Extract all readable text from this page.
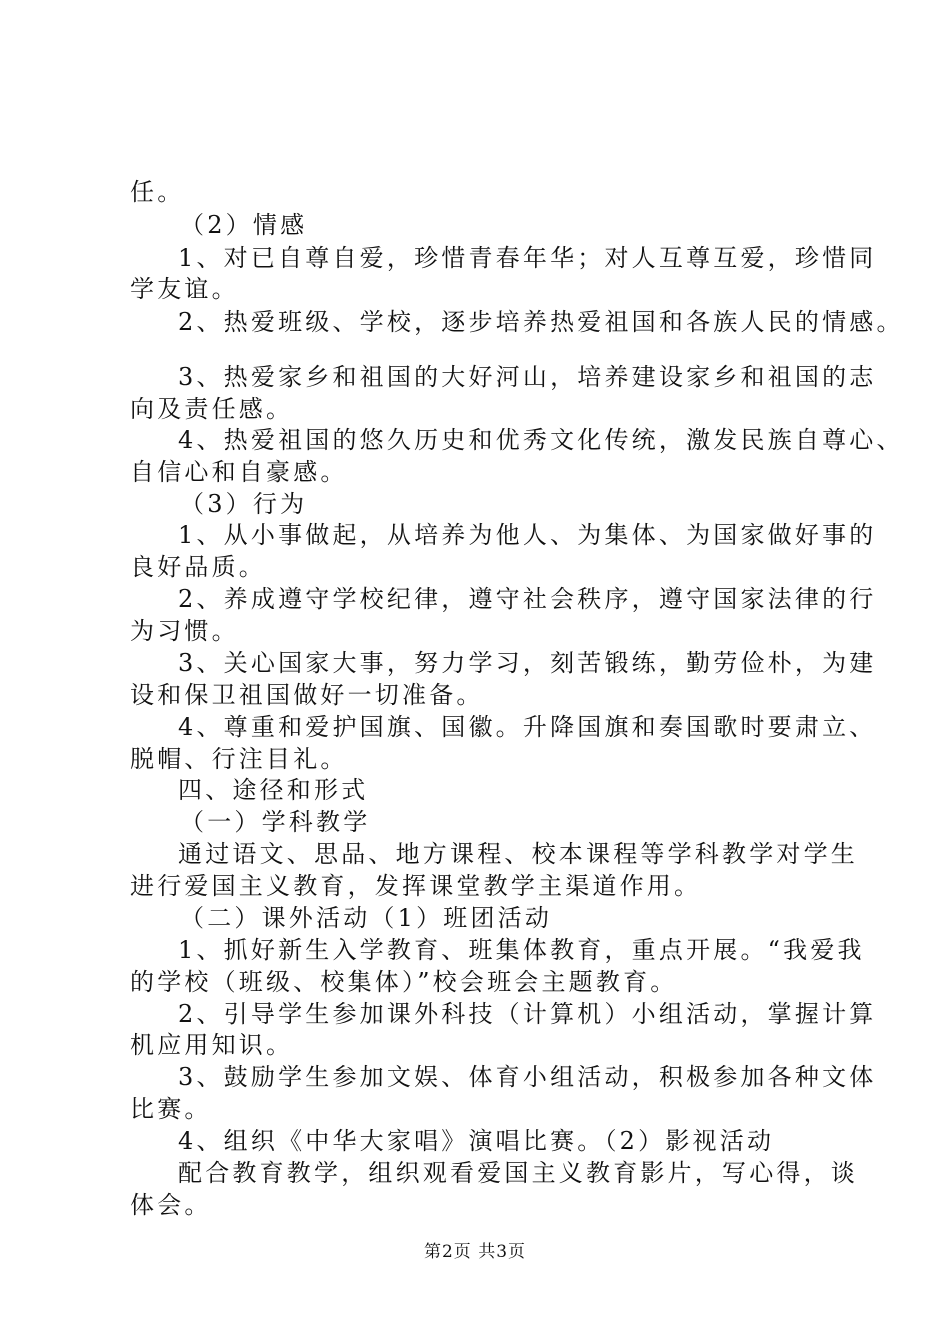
任。
（2）情感
1、对已自尊自爱，珍惜青春年华；对人互尊互爱，珍惜同
学友谊。
2、热爱班级、学校，逐步培养热爱祖国和各族人民的情感。
3、热爱家乡和祖国的大好河山，培养建设家乡和祖国的志
向及责任感。
4、热爱祖国的悠久历史和优秀文化传统，激发民族自尊心、
自信心和自豪感。
（3）行为
1、从小事做起，从培养为他人、为集体、为国家做好事的
良好品质。
2、养成遵守学校纪律，遵守社会秩序，遵守国家法律的行
为习惯。
3、关心国家大事，努力学习，刻苦锻练，勤劳俭朴，为建
设和保卫祖国做好一切准备。
4、尊重和爱护国旗、国徽。升降国旗和奏国歌时要肃立、
脱帽、行注目礼。
四、途径和形式
（一）学科教学
通过语文、思品、地方课程、校本课程等学科教学对学生
进行爱国主义教育，发挥课堂教学主渠道作用。
（二）课外活动（1）班团活动
1、抓好新生入学教育、班集体教育，重点开展。“我爱我
的学校（班级、校集体）”校会班会主题教育。
2、引导学生参加课外科技（计算机）小组活动，掌握计算
机应用知识。
3、鼓励学生参加文娱、体育小组活动，积极参加各种文体
比赛。
4、组织《中华大家唱》演唱比赛。（2）影视活动
配合教育教学，组织观看爱国主义教育影片，写心得，谈
体会。
第2页 共3页
